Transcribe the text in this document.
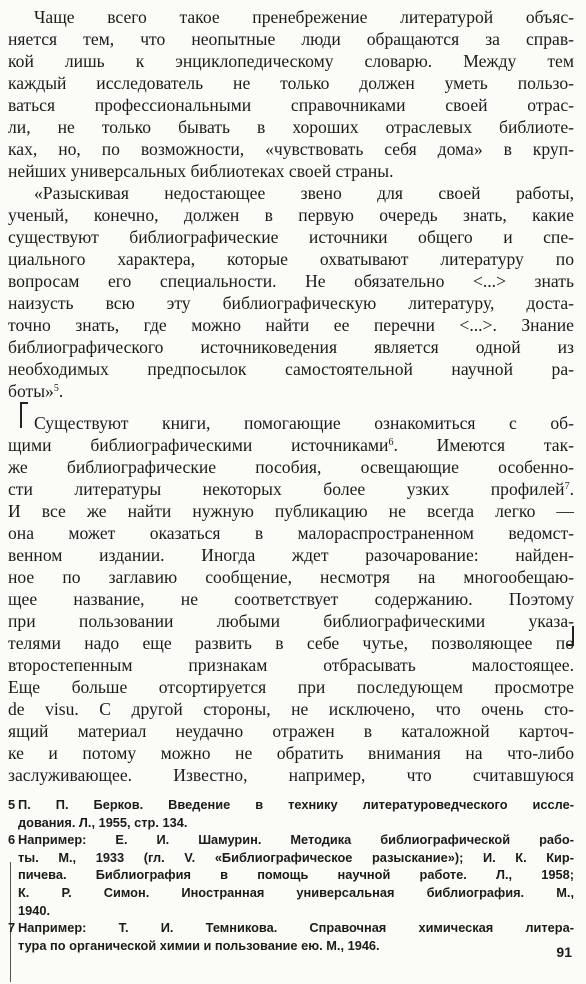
Чаще всего такое пренебрежение литературой объяс-
няется тем, что неопытные люди обращаются за справ-
кой лишь к энциклопедическому словарю. Между тем
каждый исследователь не только должен уметь пользо-
ваться профессиональными справочниками своей отрас-
ли, не только бывать в хороших отраслевых библиоте-
ках, но, по возможности, «чувствовать себя дома» в круп-
нейших универсальных библиотеках своей страны.

«Разыскивая недостающее звено для своей работы,
ученый, конечно, должен в первую очередь знать, какие
существуют библиографические источники общего и спе-
циального характера, которые охватывают литературу по
вопросам его специальности. Не обязательно <...> знать
наизусть всю эту библиографическую литературу, доста-
точно знать, где можно найти ее перечни <...>. Знание
библиографического источниковедения является одной из
необходимых предпосылок самостоятельной научной ра-
боты»$^5$.

Существуют книги, помогающие ознакомиться с об-
щими библиографическими источниками$^6$. Имеются так-
же библиографические пособия, освещающие особенно-
сти литературы некоторых более узких профилей$^7$.
И все же найти нужную публикацию не всегда легко —
она может оказаться в малораспространенном ведомст-
венном издании. Иногда ждет разочарование: найден-
ное по заглавию сообщение, несмотря на многообещаю-
щее название, не соответствует содержанию. Поэтому
при пользовании любыми библиографическими указа-
телями надо еще развить в себе чутье, позволяющее по
второстепенным признакам отбрасывать малостоящее.
Еще больше отсортируется при последующем просмотре
de visu. С другой стороны, не исключено, что очень сто-
ящий материал неудачно отражен в каталожной карточ-
ке и потому можно не обратить внимания на что-либо
заслуживающее. Известно, например, что считавшуюся

5 П. П. Берков. Введение в технику литературоведческого иссле-
дования. Л., 1955, стр. 134.
6 Например: Е. И. Шамурин. Методика библиографической рабо-
ты. М., 1933 (гл. V. «Библиографическое разыскание»); И. К. Кир-
пичева. Библиография в помощь научной работе. Л., 1958;
К. Р. Симон. Иностранная универсальная библиография. М.,
1940.
7 Например: Т. И. Темникова. Справочная химическая литера-
тура по органической химии и пользование ею. М., 1946.	91
